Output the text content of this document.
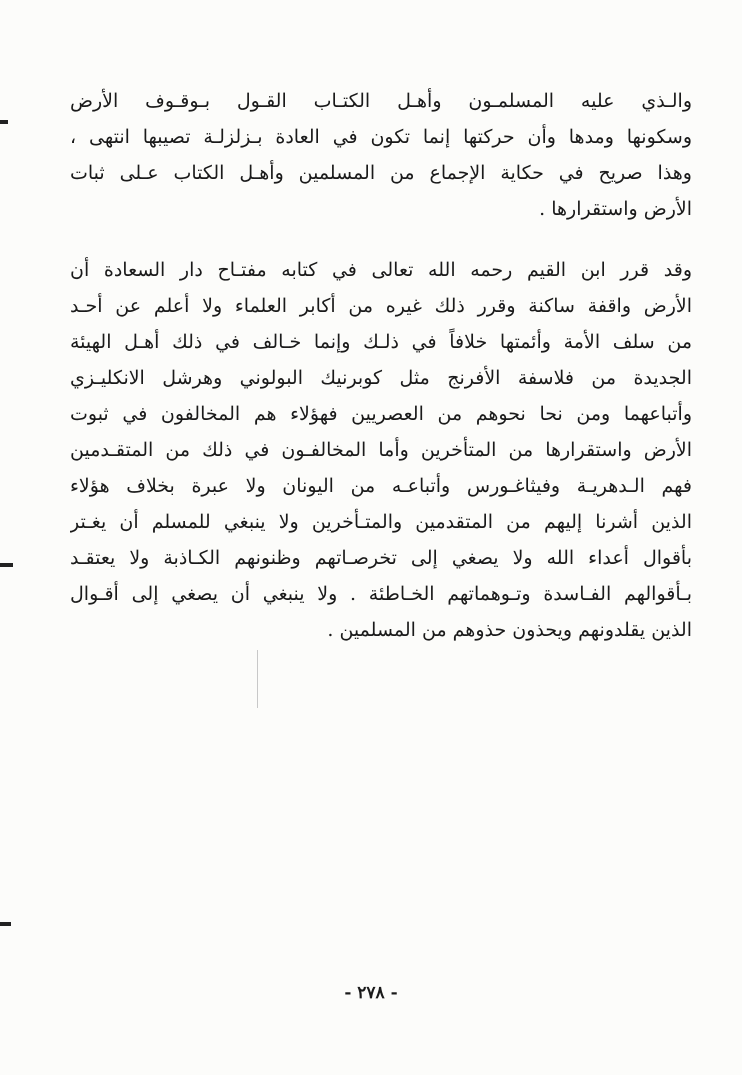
والـذي عليه المسلمـون وأهـل الكتـاب القـول بـوقـوف الأرض
وسكونها ومدها وأن حركتها إنما تكون في العادة بـزلزلـة تصيبها انتهى ،
وهذا صريح في حكاية الإجماع من المسلمين وأهـل الكتاب عـلى ثبات
الأرض واستقرارها .
وقد قرر ابن القيم رحمه الله تعالى في كتابه مفتـاح دار السعادة أن
الأرض واقفة ساكنة وقرر ذلك غيره من أكابر العلماء ولا أعلم عن أحـد
من سلف الأمة وأئمتها خلافاً في ذلـك وإنما خـالف في ذلك أهـل الهيئة
الجديدة من فلاسفة الأفرنج مثل كوبرنيك البولوني وهرشل الانكليـزي
وأتباعهما ومن نحا نحوهم من العصريين فهؤلاء هم المخالفون في ثبوت
الأرض واستقرارها من المتأخرين وأما المخالفـون في ذلك من المتقـدمين
فهم الـدهريـة وفيثاغـورس وأتباعـه من اليونان ولا عبرة بخلاف هؤلاء
الذين أشرنا إليهم من المتقدمين والمتـأخرين ولا ينبغي للمسلم أن يغـتر
بأقوال أعداء الله ولا يصغي إلى تخرصـاتهم وظنونهم الكـاذبة ولا يعتقـد
بـأقوالهم الفـاسدة وتـوهماتهم الخـاطئة . ولا ينبغي أن يصغي إلى أقـوال
الذين يقلدونهم ويحذون حذوهم من المسلمين .
- ٢٧٨ -
